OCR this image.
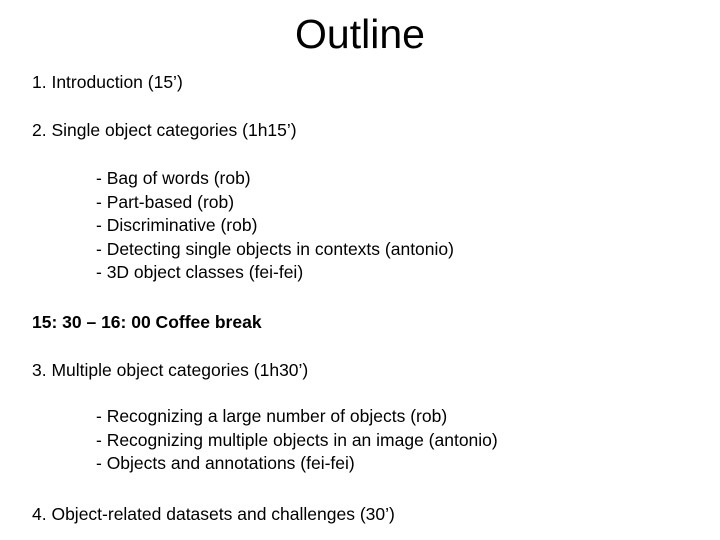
Outline

1. Introduction (15’)

2. Single object categories (1h15’)

- Bag of words (rob)
- Part-based (rob)
- Discriminative (rob)
- Detecting single objects in contexts (antonio)
- 3D object classes (fei-fei)

15: 30 – 16: 00 Coffee break

3. Multiple object categories (1h30’)

- Recognizing a large number of objects (rob)
- Recognizing multiple objects in an image (antonio)
- Objects and annotations (fei-fei)

4. Object-related datasets and challenges (30’)
